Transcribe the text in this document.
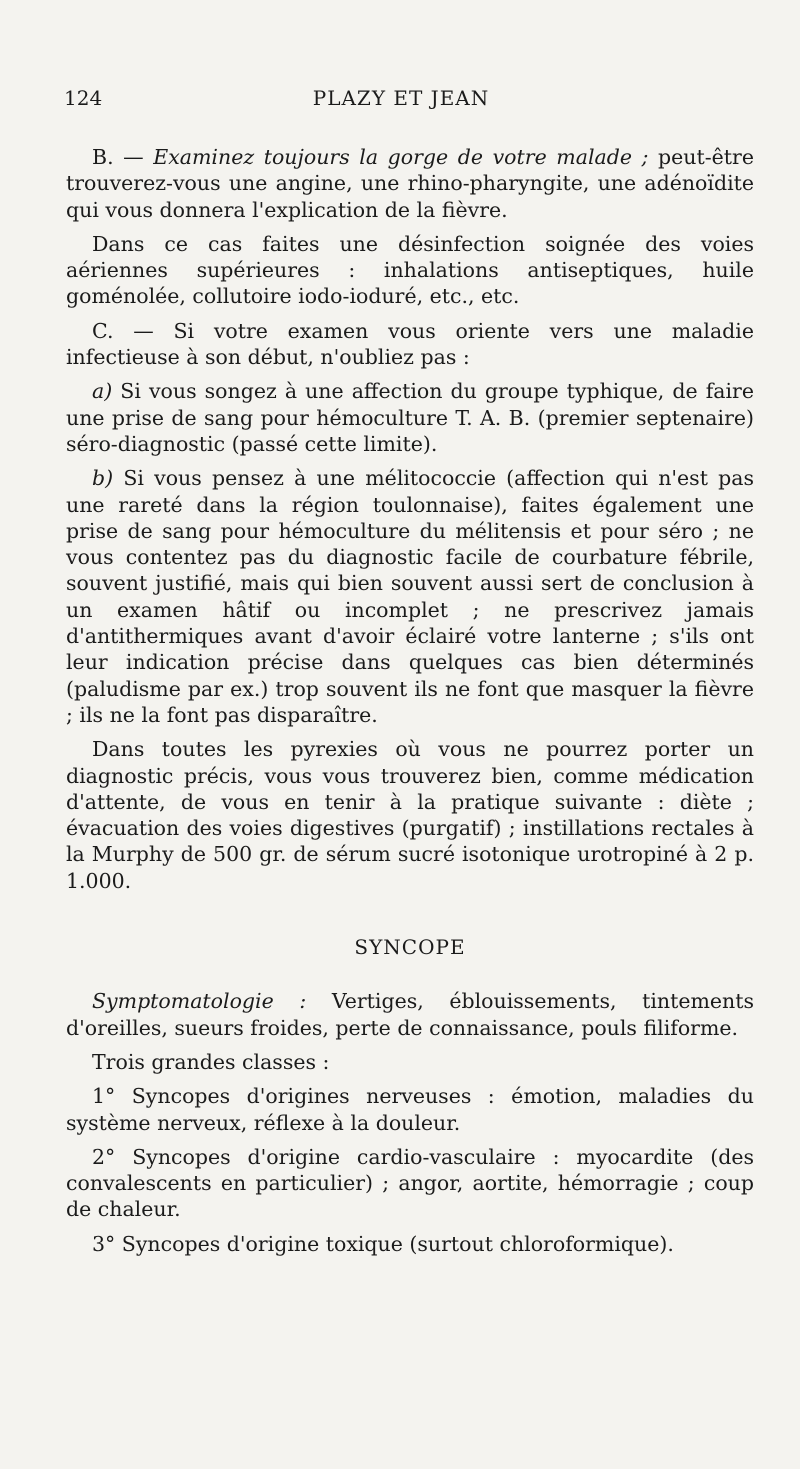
124	PLAZY ET JEAN

B. — Examinez toujours la gorge de votre malade ; peut-être trouverez-vous une angine, une rhino-pharyngite, une adénoïdite qui vous donnera l'explication de la fièvre.

Dans ce cas faites une désinfection soignée des voies aériennes supérieures : inhalations antiseptiques, huile goménolée, collutoire iodo-ioduré, etc., etc.

C. — Si votre examen vous oriente vers une maladie infectieuse à son début, n'oubliez pas :

a) Si vous songez à une affection du groupe typhique, de faire une prise de sang pour hémoculture T. A. B. (premier septenaire) séro-diagnostic (passé cette limite).

b) Si vous pensez à une mélitococcie (affection qui n'est pas une rareté dans la région toulonnaise), faites également une prise de sang pour hémoculture du mélitensis et pour séro ; ne vous contentez pas du diagnostic facile de courbature fébrile, souvent justifié, mais qui bien souvent aussi sert de conclusion à un examen hâtif ou incomplet ; ne prescrivez jamais d'antithermiques avant d'avoir éclairé votre lanterne ; s'ils ont leur indication précise dans quelques cas bien déterminés (paludisme par ex.) trop souvent ils ne font que masquer la fièvre ; ils ne la font pas disparaître.

Dans toutes les pyrexies où vous ne pourrez porter un diagnostic précis, vous vous trouverez bien, comme médication d'attente, de vous en tenir à la pratique suivante : diète ; évacuation des voies digestives (purgatif) ; instillations rectales à la Murphy de 500 gr. de sérum sucré isotonique urotropiné à 2 p. 1.000.

SYNCOPE

Symptomatologie : Vertiges, éblouissements, tintements d'oreilles, sueurs froides, perte de connaissance, pouls filiforme.

Trois grandes classes :

1° Syncopes d'origines nerveuses : émotion, maladies du système nerveux, réflexe à la douleur.
2° Syncopes d'origine cardio-vasculaire : myocardite (des convalescents en particulier) ; angor, aortite, hémorragie ; coup de chaleur.
3° Syncopes d'origine toxique (surtout chloroformique).
